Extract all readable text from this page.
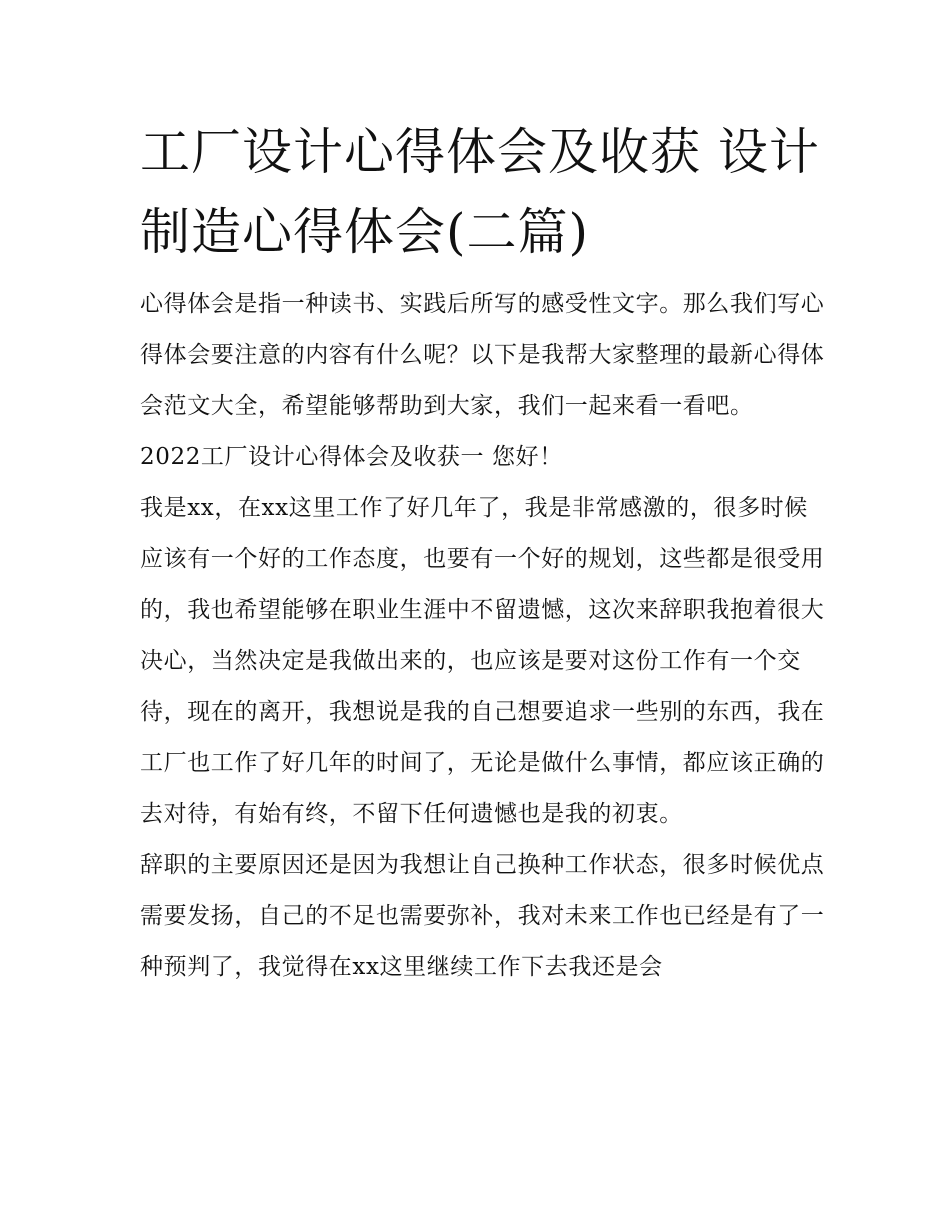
工厂设计心得体会及收获 设计
制造心得体会(二篇)

心得体会是指一种读书、实践后所写的感受性文字。那么我们写心得体会要注意的内容有什么呢？以下是我帮大家整理的最新心得体会范文大全，希望能够帮助到大家，我们一起来看一看吧。

2022工厂设计心得体会及收获一 您好！

我是xx，在xx这里工作了好几年了，我是非常感激的，很多时候应该有一个好的工作态度，也要有一个好的规划，这些都是很受用的，我也希望能够在职业生涯中不留遗憾，这次来辞职我抱着很大决心，当然决定是我做出来的，也应该是要对这份工作有一个交待，现在的离开，我想说是我的自己想要追求一些别的东西，我在工厂也工作了好几年的时间了，无论是做什么事情，都应该正确的去对待，有始有终，不留下任何遗憾也是我的初衷。

辞职的主要原因还是因为我想让自己换种工作状态，很多时候优点需要发扬，自己的不足也需要弥补，我对未来工作也已经是有了一种预判了，我觉得在xx这里继续工作下去我还是会
